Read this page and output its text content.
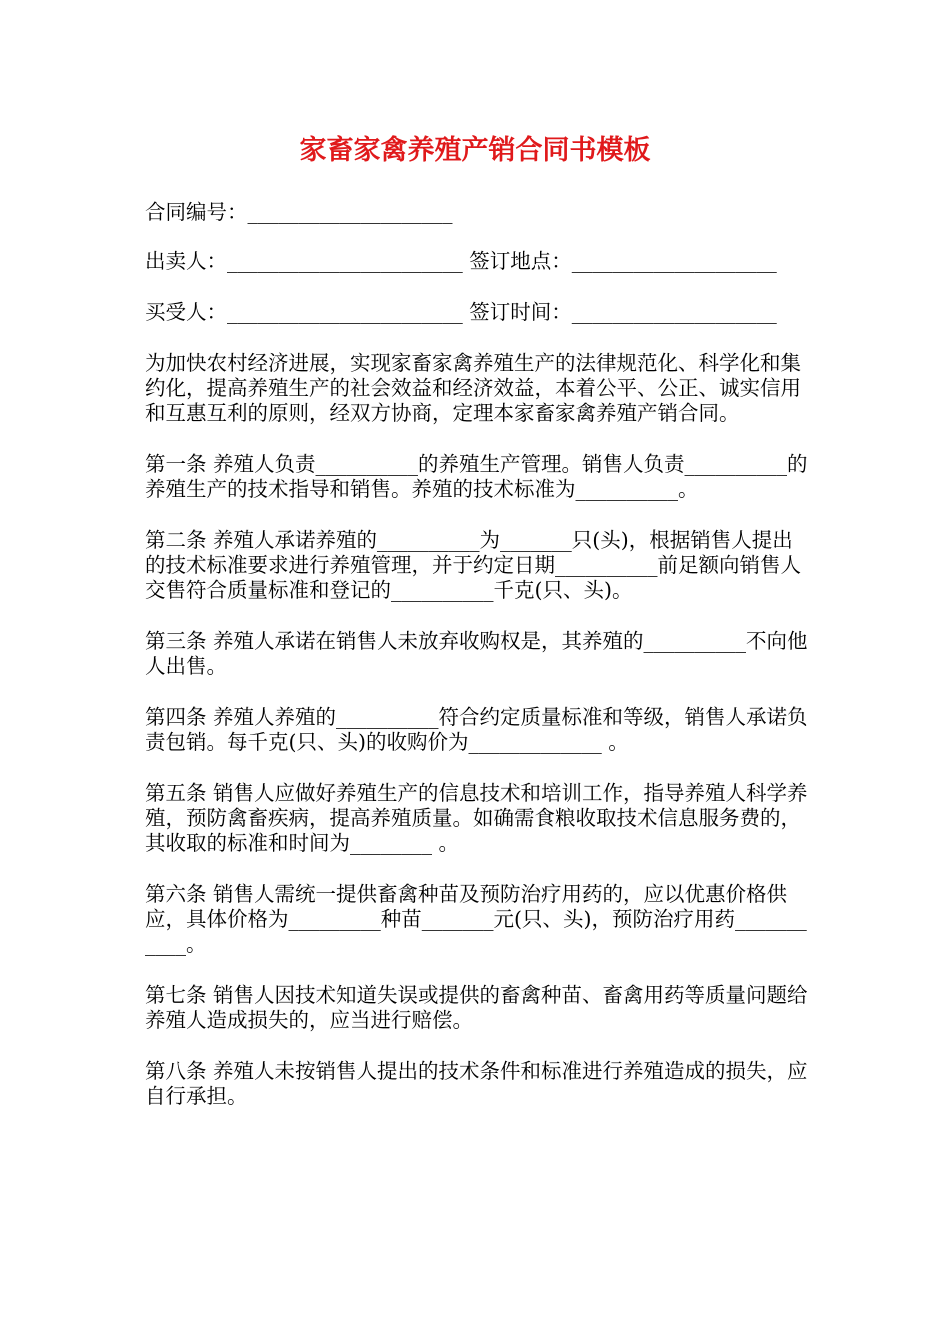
家畜家禽养殖产销合同书模板

合同编号：____________________

出卖人：_______________________ 签订地点：____________________

买受人：_______________________ 签订时间：____________________

为加快农村经济进展，实现家畜家禽养殖生产的法律规范化、科学化和集约化，提高养殖生产的社会效益和经济效益，本着公平、公正、诚实信用和互惠互利的原则，经双方协商，定理本家畜家禽养殖产销合同。

第一条 养殖人负责__________的养殖生产管理。销售人负责__________的养殖生产的技术指导和销售。养殖的技术标准为__________。

第二条 养殖人承诺养殖的__________为_______只(头)，根据销售人提出的技术标准要求进行养殖管理，并于约定日期__________前足额向销售人交售符合质量标准和登记的__________千克(只、头)。

第三条 养殖人承诺在销售人未放弃收购权是，其养殖的__________不向他人出售。

第四条 养殖人养殖的__________符合约定质量标准和等级，销售人承诺负责包销。每千克(只、头)的收购价为_____________ 。

第五条 销售人应做好养殖生产的信息技术和培训工作，指导养殖人科学养殖，预防禽畜疾病，提高养殖质量。如确需食粮收取技术信息服务费的，其收取的标准和时间为________ 。

第六条 销售人需统一提供畜禽种苗及预防治疗用药的，应以优惠价格供应，具体价格为_________种苗_______元(只、头)，预防治疗用药___________。

第七条 销售人因技术知道失误或提供的畜禽种苗、畜禽用药等质量问题给养殖人造成损失的，应当进行赔偿。

第八条 养殖人未按销售人提出的技术条件和标准进行养殖造成的损失，应自行承担。
